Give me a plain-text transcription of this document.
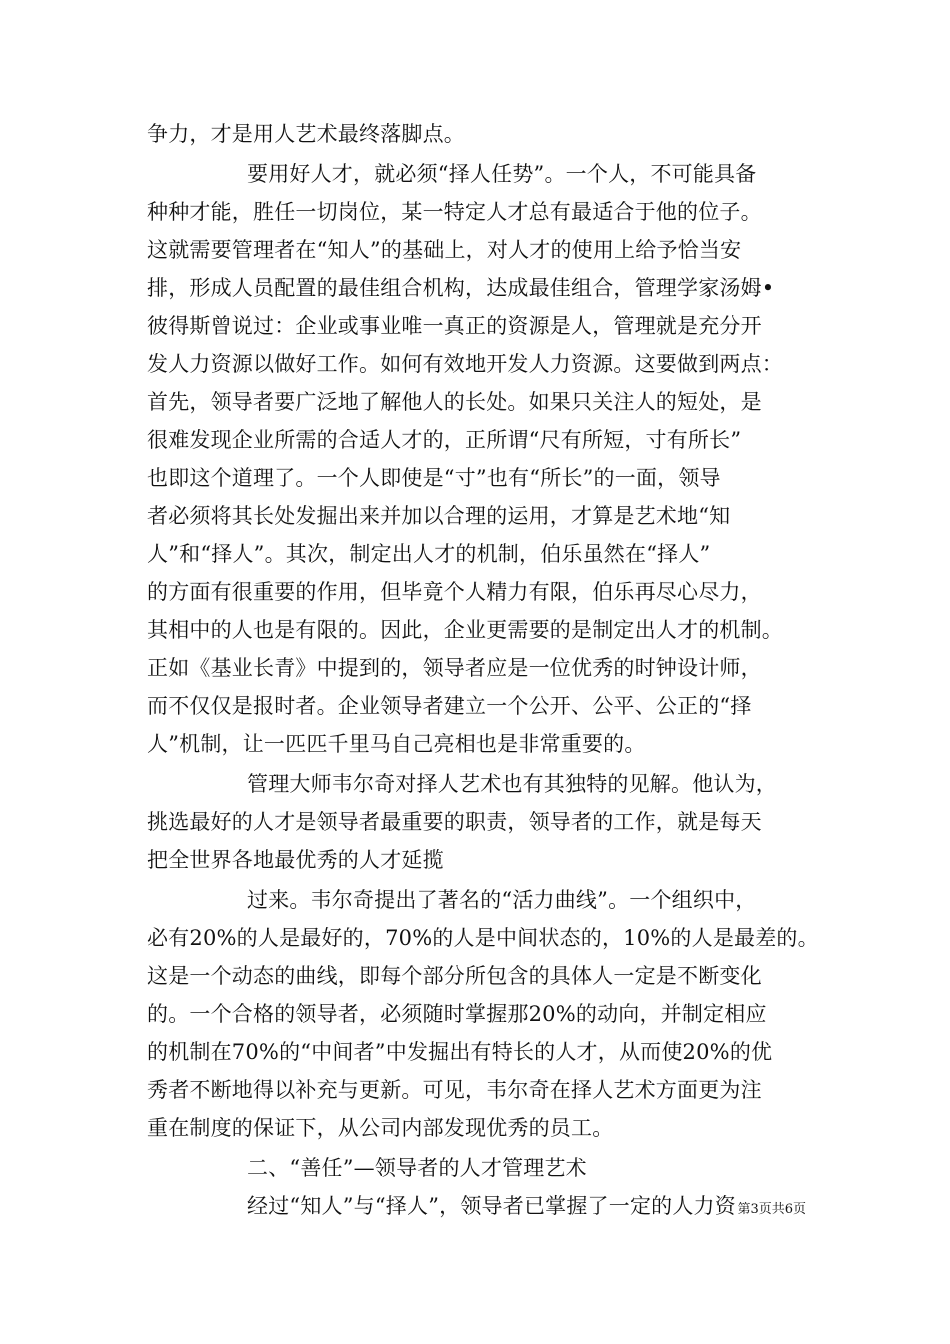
争力，才是用人艺术最终落脚点。
要用好人才，就必须“择人任势”。一个人，不可能具备
种种才能，胜任一切岗位，某一特定人才总有最适合于他的位子。
这就需要管理者在“知人”的基础上，对人才的使用上给予恰当安
排，形成人员配置的最佳组合机构，达成最佳组合，管理学家汤姆•
彼得斯曾说过：企业或事业唯一真正的资源是人，管理就是充分开
发人力资源以做好工作。如何有效地开发人力资源。这要做到两点：
首先，领导者要广泛地了解他人的长处。如果只关注人的短处，是
很难发现企业所需的合适人才的，正所谓“尺有所短，寸有所长”
也即这个道理了。一个人即使是“寸”也有“所长”的一面，领导
者必须将其长处发掘出来并加以合理的运用，才算是艺术地“知
人”和“择人”。其次，制定出人才的机制，伯乐虽然在“择人”
的方面有很重要的作用，但毕竟个人精力有限，伯乐再尽心尽力，
其相中的人也是有限的。因此，企业更需要的是制定出人才的机制。
正如《基业长青》中提到的，领导者应是一位优秀的时钟设计师，
而不仅仅是报时者。企业领导者建立一个公开、公平、公正的“择
人”机制，让一匹匹千里马自己亮相也是非常重要的。
管理大师韦尔奇对择人艺术也有其独特的见解。他认为，
挑选最好的人才是领导者最重要的职责，领导者的工作，就是每天
把全世界各地最优秀的人才延揽
过来。韦尔奇提出了著名的“活力曲线”。一个组织中，
必有20%的人是最好的，70%的人是中间状态的，10%的人是最差的。
这是一个动态的曲线，即每个部分所包含的具体人一定是不断变化
的。一个合格的领导者，必须随时掌握那20%的动向，并制定相应
的机制在70%的“中间者”中发掘出有特长的人才，从而使20%的优
秀者不断地得以补充与更新。可见，韦尔奇在择人艺术方面更为注
重在制度的保证下，从公司内部发现优秀的员工。
二、“善任”—领导者的人才管理艺术
经过“知人”与“择人”，领导者已掌握了一定的人力资 第3页共6页
